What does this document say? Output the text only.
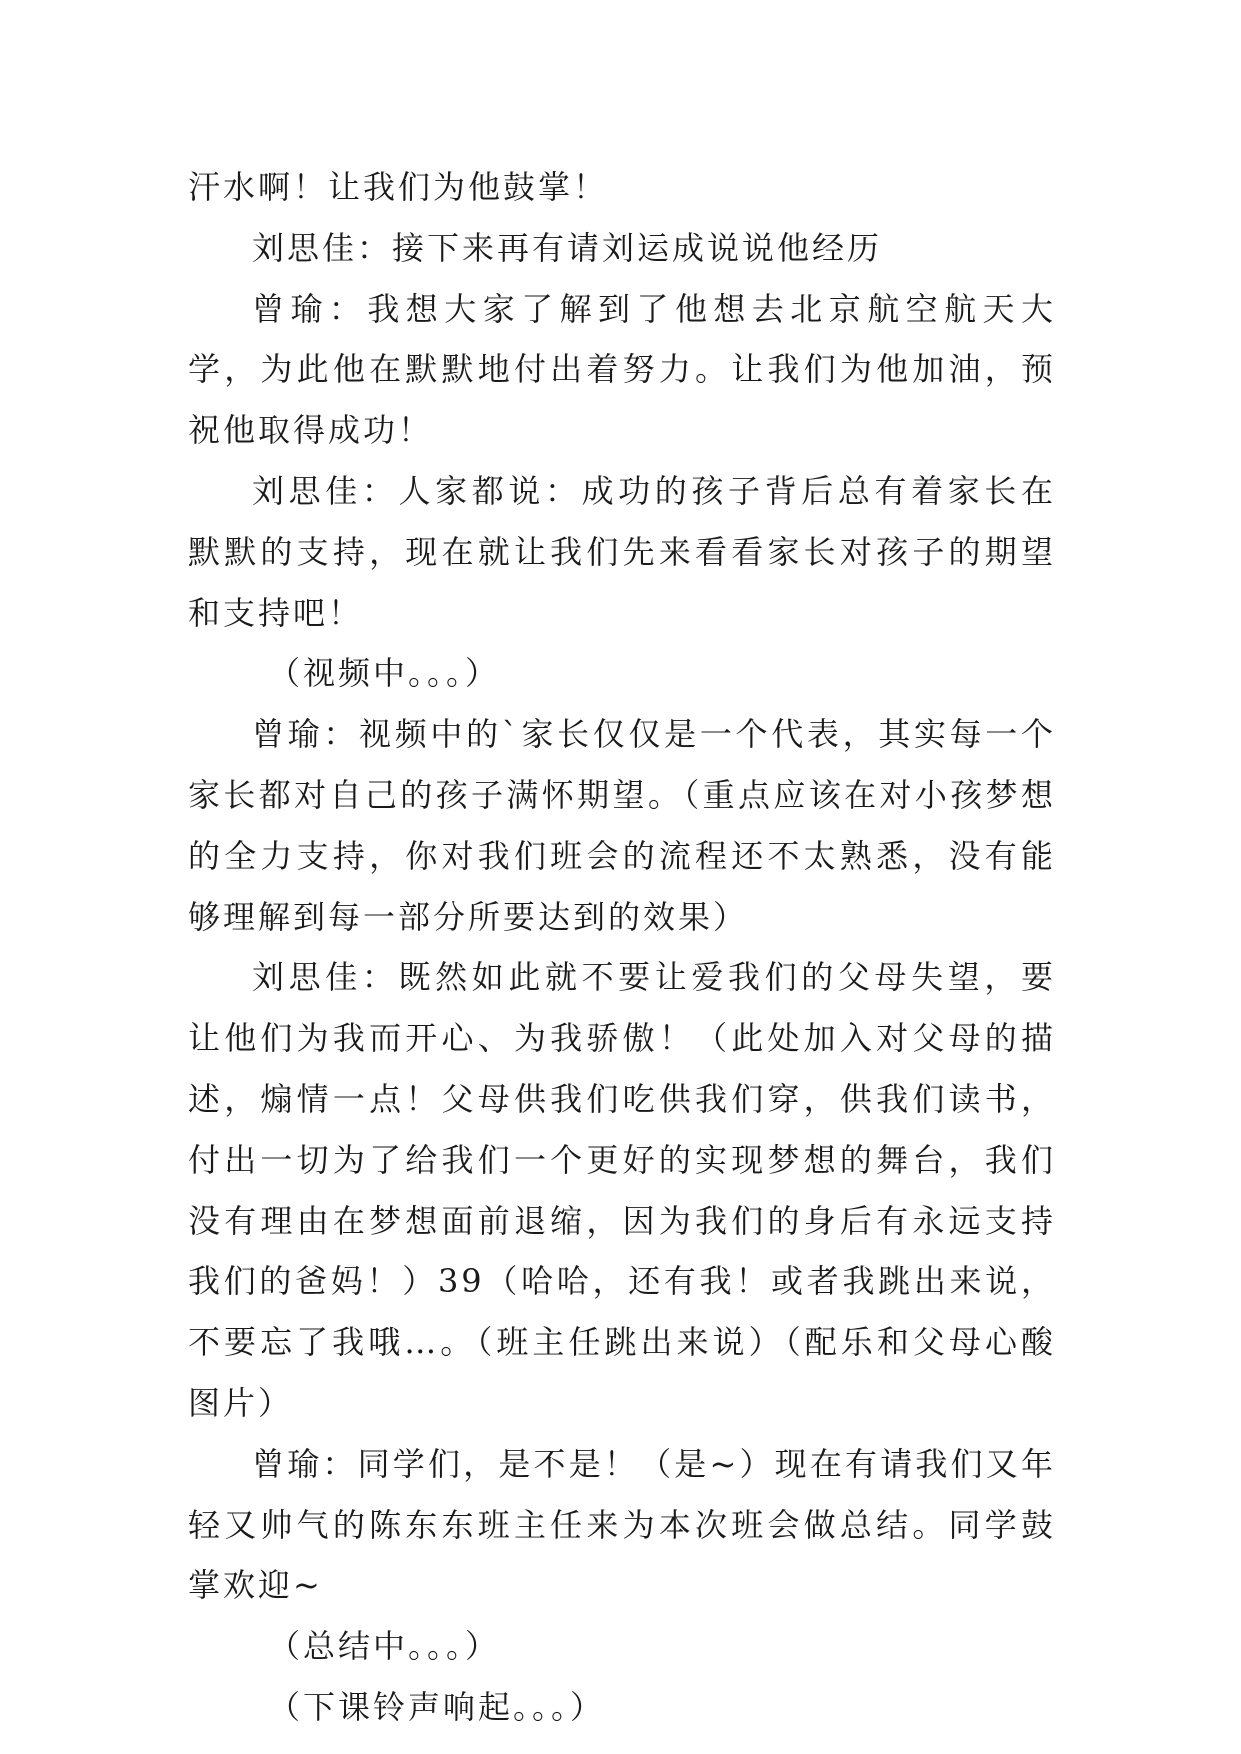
汗水啊！让我们为他鼓掌！

刘思佳：接下来再有请刘运成说说他经历

曾瑜：我想大家了解到了他想去北京航空航天大学，为此他在默默地付出着努力。让我们为他加油，预祝他取得成功！

刘思佳：人家都说：成功的孩子背后总有着家长在默默的支持，现在就让我们先来看看家长对孩子的期望和支持吧！

（视频中。。。）

曾瑜：视频中的`家长仅仅是一个代表，其实每一个家长都对自己的孩子满怀期望。（重点应该在对小孩梦想的全力支持，你对我们班会的流程还不太熟悉，没有能够理解到每一部分所要达到的效果）

刘思佳：既然如此就不要让爱我们的父母失望，要让他们为我而开心、为我骄傲！（此处加入对父母的描述，煽情一点！父母供我们吃供我们穿，供我们读书，付出一切为了给我们一个更好的实现梦想的舞台，我们没有理由在梦想面前退缩，因为我们的身后有永远支持我们的爸妈！）39（哈哈，还有我！或者我跳出来说，不要忘了我哦…。（班主任跳出来说）（配乐和父母心酸图片）

曾瑜：同学们，是不是！（是~）现在有请我们又年轻又帅气的陈东东班主任来为本次班会做总结。同学鼓掌欢迎~

（总结中。。。）

（下课铃声响起。。。）
